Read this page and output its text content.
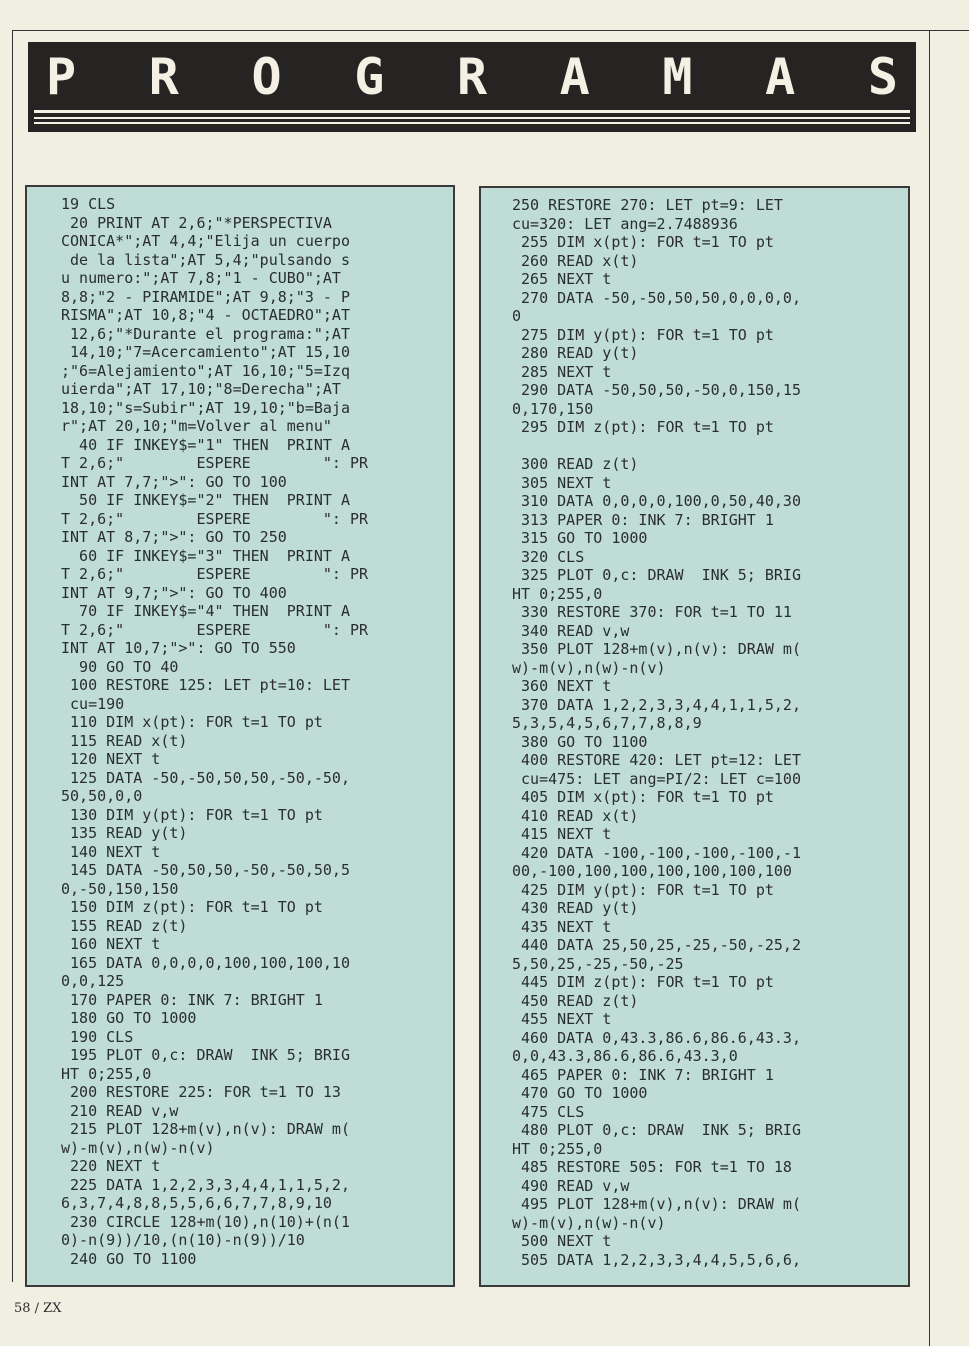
P R O G R A M A S
19 CLS
20 PRINT AT 2,6;"*PERSPECTIVA
CONICA*";AT 4,4;"Elija un cuerpo
de la lista";AT 5,4;"pulsando s
u numero:";AT 7,8;"1 - CUBO";AT
8,8;"2 - PIRAMIDE";AT 9,8;"3 - P
RISMA";AT 10,8;"4 - OCTAEDRO";AT
12,6;"*Durante el programa:";AT
14,10;"7=Acercamiento";AT 15,10
;"6=Alejamiento";AT 16,10;"5=Izq
uierda";AT 17,10;"8=Derecha";AT
18,10;"s=Subir";AT 19,10;"b=Baja
r";AT 20,10;"m=Volver al menu"
40 IF INKEY$="1" THEN  PRINT A
T 2,6;"        ESPERE        ": PR
INT AT 7,7;">": GO TO 100
50 IF INKEY$="2" THEN  PRINT A
T 2,6;"        ESPERE        ": PR
INT AT 8,7;">": GO TO 250
60 IF INKEY$="3" THEN  PRINT A
T 2,6;"        ESPERE        ": PR
INT AT 9,7;">": GO TO 400
70 IF INKEY$="4" THEN  PRINT A
T 2,6;"        ESPERE        ": PR
INT AT 10,7;">": GO TO 550
90 GO TO 40
100 RESTORE 125: LET pt=10: LET
cu=190
110 DIM x(pt): FOR t=1 TO pt
115 READ x(t)
120 NEXT t
125 DATA -50,-50,50,50,-50,-50,
50,50,0,0
130 DIM y(pt): FOR t=1 TO pt
135 READ y(t)
140 NEXT t
145 DATA -50,50,50,-50,-50,50,5
0,-50,150,150
150 DIM z(pt): FOR t=1 TO pt
155 READ z(t)
160 NEXT t
165 DATA 0,0,0,0,100,100,100,10
0,0,125
170 PAPER 0: INK 7: BRIGHT 1
180 GO TO 1000
190 CLS
195 PLOT 0,c: DRAW  INK 5; BRIG
HT 0;255,0
200 RESTORE 225: FOR t=1 TO 13
210 READ v,w
215 PLOT 128+m(v),n(v): DRAW m(
w)-m(v),n(w)-n(v)
220 NEXT t
225 DATA 1,2,2,3,3,4,4,1,1,5,2,
6,3,7,4,8,8,5,5,6,6,7,7,8,9,10
230 CIRCLE 128+m(10),n(10)+(n(1
0)-n(9))/10,(n(10)-n(9))/10
240 GO TO 1100
250 RESTORE 270: LET pt=9: LET
cu=320: LET ang=2.7488936
255 DIM x(pt): FOR t=1 TO pt
260 READ x(t)
265 NEXT t
270 DATA -50,-50,50,50,0,0,0,0,
0
275 DIM y(pt): FOR t=1 TO pt
280 READ y(t)
285 NEXT t
290 DATA -50,50,50,-50,0,150,15
0,170,150
295 DIM z(pt): FOR t=1 TO pt

300 READ z(t)
305 NEXT t
310 DATA 0,0,0,0,100,0,50,40,30
313 PAPER 0: INK 7: BRIGHT 1
315 GO TO 1000
320 CLS
325 PLOT 0,c: DRAW  INK 5; BRIG
HT 0;255,0
330 RESTORE 370: FOR t=1 TO 11
340 READ v,w
350 PLOT 128+m(v),n(v): DRAW m(
w)-m(v),n(w)-n(v)
360 NEXT t
370 DATA 1,2,2,3,3,4,4,1,1,5,2,
5,3,5,4,5,6,7,7,8,8,9
380 GO TO 1100
400 RESTORE 420: LET pt=12: LET
cu=475: LET ang=PI/2: LET c=100
405 DIM x(pt): FOR t=1 TO pt
410 READ x(t)
415 NEXT t
420 DATA -100,-100,-100,-100,-1
00,-100,100,100,100,100,100,100
425 DIM y(pt): FOR t=1 TO pt
430 READ y(t)
435 NEXT t
440 DATA 25,50,25,-25,-50,-25,2
5,50,25,-25,-50,-25
445 DIM z(pt): FOR t=1 TO pt
450 READ z(t)
455 NEXT t
460 DATA 0,43.3,86.6,86.6,43.3,
0,0,43.3,86.6,86.6,43.3,0
465 PAPER 0: INK 7: BRIGHT 1
470 GO TO 1000
475 CLS
480 PLOT 0,c: DRAW  INK 5; BRIG
HT 0;255,0
485 RESTORE 505: FOR t=1 TO 18
490 READ v,w
495 PLOT 128+m(v),n(v): DRAW m(
w)-m(v),n(w)-n(v)
500 NEXT t
505 DATA 1,2,2,3,3,4,4,5,5,6,6,
58 / ZX
